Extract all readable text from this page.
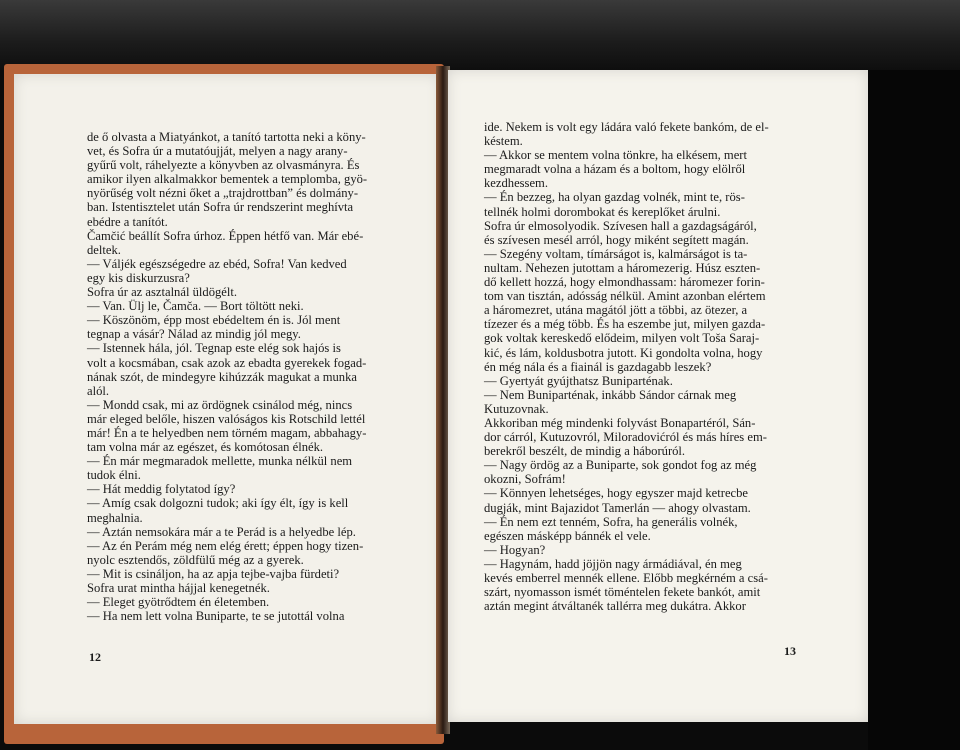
de ő olvasta a Miatyánkot, a tanító tartotta neki a köny-
vet, és Sofra úr a mutatóujját, melyen a nagy arany-
gyűrű volt, ráhelyezte a könyvben az olvasmányra. És
amikor ilyen alkalmakkor bementek a templomba, gyö-
nyörűség volt nézni őket a „trajdrottban” és dolmány-
ban. Istentisztelet után Sofra úr rendszerint meghívta
ebédre a tanítót.
Čamčić beállít Sofra úrhoz. Éppen hétfő van. Már ebé-
deltek.
— Váljék egészségedre az ebéd, Sofra! Van kedved
egy kis diskurzusra?
Sofra úr az asztalnál üldögélt.
— Van. Ülj le, Čamča. — Bort töltött neki.
— Köszönöm, épp most ebédeltem én is. Jól ment
tegnap a vásár? Nálad az mindig jól megy.
— Istennek hála, jól. Tegnap este elég sok hajós is
volt a kocsmában, csak azok az ebadta gyerekek fogad-
nának szót, de mindegyre kihúzzák magukat a munka
alól.
— Mondd csak, mi az ördögnek csinálod még, nincs
már eleged belőle, hiszen valóságos kis Rotschild lettél
már! Én a te helyedben nem törném magam, abbahagy-
tam volna már az egészet, és komótosan élnék.
— Én már megmaradok mellette, munka nélkül nem
tudok élni.
— Hát meddig folytatod így?
— Amíg csak dolgozni tudok; aki így élt, így is kell
meghalnia.
— Aztán nemsokára már a te Perád is a helyedbe lép.
— Az én Perám még nem elég érett; éppen hogy tizen-
nyolc esztendős, zöldfülű még az a gyerek.
— Mit is csináljon, ha az apja tejbe-vajba fürdeti?
Sofra urat mintha hájjal kenegetnék.
— Eleget gyötrődtem én életemben.
— Ha nem lett volna Buniparte, te se jutottál volna
12
ide. Nekem is volt egy ládára való fekete bankóm, de el-
késtem.
— Akkor se mentem volna tönkre, ha elkésem, mert
megmaradt volna a házam és a boltom, hogy elölről
kezdhessem.
— Én bezzeg, ha olyan gazdag volnék, mint te, rös-
tellnék holmi dorombokat és kereplőket árulni.
Sofra úr elmosolyodik. Szívesen hall a gazdagságáról,
és szívesen mesél arról, hogy miként segített magán.
— Szegény voltam, tímárságot is, kalmárságot is ta-
nultam. Nehezen jutottam a háromezerig. Húsz eszten-
dő kellett hozzá, hogy elmondhassam: háromezer forin-
tom van tisztán, adósság nélkül. Amint azonban elértem
a háromezret, utána magától jött a többi, az ötezer, a
tízezer és a még több. És ha eszembe jut, milyen gazda-
gok voltak kereskedő elődeim, milyen volt Toša Saraj-
kić, és lám, koldusbotra jutott. Ki gondolta volna, hogy
én még nála és a fiainál is gazdagabb leszek?
— Gyertyát gyújthatsz Buniparténak.
— Nem Buniparténak, inkább Sándor cárnak meg
Kutuzovnak.
Akkoriban még mindenki folyvást Bonapartéról, Sán-
dor cárról, Kutuzovról, Miloradovićról és más híres em-
berekről beszélt, de mindig a háborúról.
— Nagy ördög az a Buniparte, sok gondot fog az még
okozni, Sofrám!
— Könnyen lehetséges, hogy egyszer majd ketrecbe
dugják, mint Bajazidot Tamerlán — ahogy olvastam.
— Én nem ezt tenném, Sofra, ha generális volnék,
egészen másképp bánnék el vele.
— Hogyan?
— Hagynám, hadd jöjjön nagy ármádiával, én meg
kevés emberrel mennék ellene. Előbb megkérném a csá-
szárt, nyomasson ismét töméntelen fekete bankót, amit
aztán megint átváltanék tallérra meg dukátra. Akkor
13
